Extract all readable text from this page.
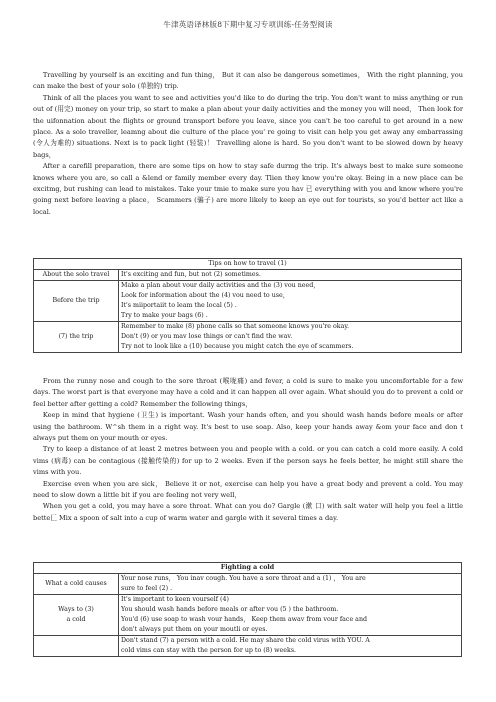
牛津英语译林版8下期中复习专项训练-任务型阅读

Travelling by yourself is an exciting and fun thing， But it can also be dangerous sometimes， With the right planning, you can make the best of your solo (单独的) trip.

Think of all the places you want to see and activities you'd like to do during the trip. You don't want to miss anything or run out of (用完) money on your trip, so start to make a plan about your daily activities and the money you will need， Then look for the uifonnation about the flights or ground transport before you leave, since you can't be too careful to get around in a new place. As a solo traveller, leamng about die culture of the place you' re going to visit can help you get away any embarrassing (令人为难的) situations. Next is to pack light (轻装)！ Travelling alone is hard. So you don't want to be slowed down by heavy bags，

After a carefill preparation, there are some tips on how to stay safe durmg the trip. It's always best to make sure someone knows where you are, so call a &lend or family member every day. Tlien they know you're okay. Being in a new place can be excitmg, but rushing can lead to mistakes. Take your tmie to make sure you hav 已 everything with you and know where you're going next before leaving a place， Scammers (骗子) are more likely to keep an eye out for tourists, so you'd better act like a local.

Tips on how to travel (1)	
About the solo travel	It's exciting and fun, but not (2) sometimes.

Before the trip	Make a plan about vour daily activities and the (3) vou need，
Look for information about the (4) vou need to use，
It's miiportaiit to leam the local (5) .
Try to make your bags (6) .

(7) the trip	Remember to make (8) phone calls so that someone knows you're okay.
Don't (9) or you mav lose things or can't find the wav.
Try not to look like a (10) because you might catch the eye of scammers.

From the runny nose and cough to the sore throat (喉咙痛) and fever, a cold is sure to make you uncomfortable for a few days. The worst part is that everyone may have a cold and it can happen all over again. What should you do to prevent a cold or feel better after getting a cold? Remember the following things，

Keep in mind that hygiene (卫生) is important. Wash your hands often, and you should wash hands before meals or after using the bathroom. W^sh them in a right way. It's best to use soap. Also, keep your hands away &om your face and don t always put them on your mouth or eyes.

Try to keep a distance of at least 2 metres between you and people with a cold. or you can catch a cold more easily. A cold vims (病毒) can be contagious (接触传染的) for up to 2 weeks. Even if the person says he feels better, he might still share the vims with you.

Exercise even when you are sick， Believe it or not, exercise can help you have a great body and prevent a cold. You may need to slow down a little bit if you are feeling not very well，

When you get a cold, you may have a sore throat. What can you do? Gargle (漱 口) with salt water will help you feel a little bette匚 Mix a spoon of salt into a cup of warm water and gargle with it several times a day.

Fighting a cold	
What a cold causes	Your nose runs， You inav cough. You have a sore throat and a (1) ， You are
sure to feel (2) .

Ways to (3)
a cold	It's important to keen vourself (4)
You should wash hands before meals or after vou (5 ) the bathroom.
You'd (6) use soap to wash vour hands， Keep them awav from vour face and
don't always put them on your moutli or eyes.

	Don't stand (7) a person with a cold. He may share the cold virus with YOU. A
cold vims can stay with the person for up to (8) weeks.
